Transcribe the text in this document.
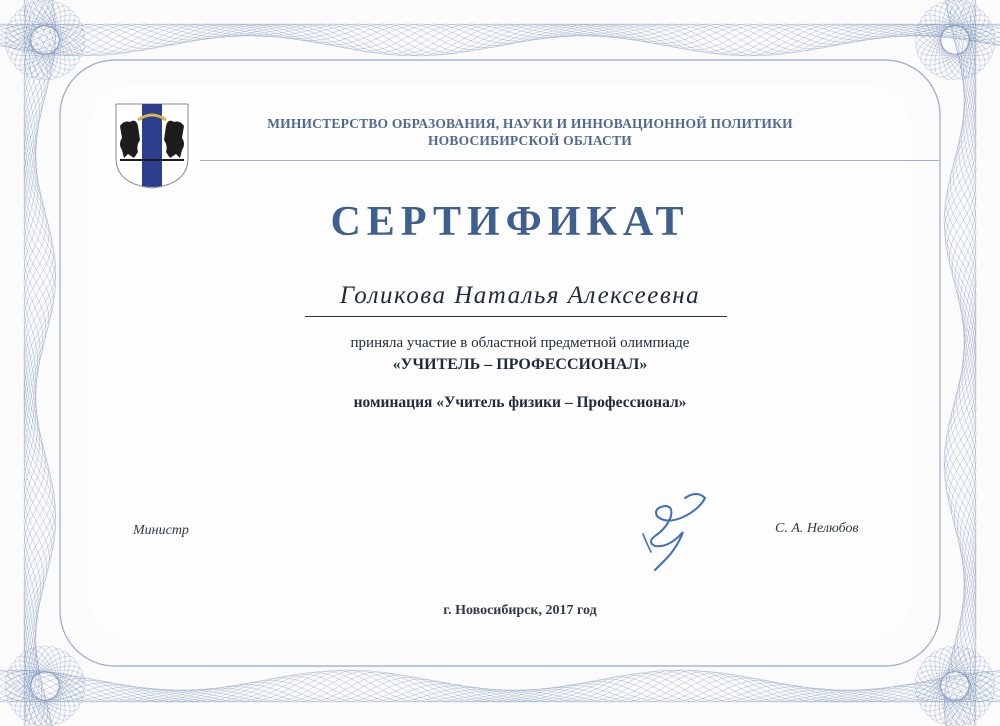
МИНИСТЕРСТВО ОБРАЗОВАНИЯ, НАУКИ И ИННОВАЦИОННОЙ ПОЛИТИКИ
НОВОСИБИРСКОЙ ОБЛАСТИ
СЕРТИФИКАТ
Голикова Наталья Алексеевна
приняла участие в областной предметной олимпиаде
«УЧИТЕЛЬ – ПРОФЕССИОНАЛ»
номинация «Учитель физики – Профессионал»
Министр	С. А. Нелюбов
г. Новосибирск, 2017 год
